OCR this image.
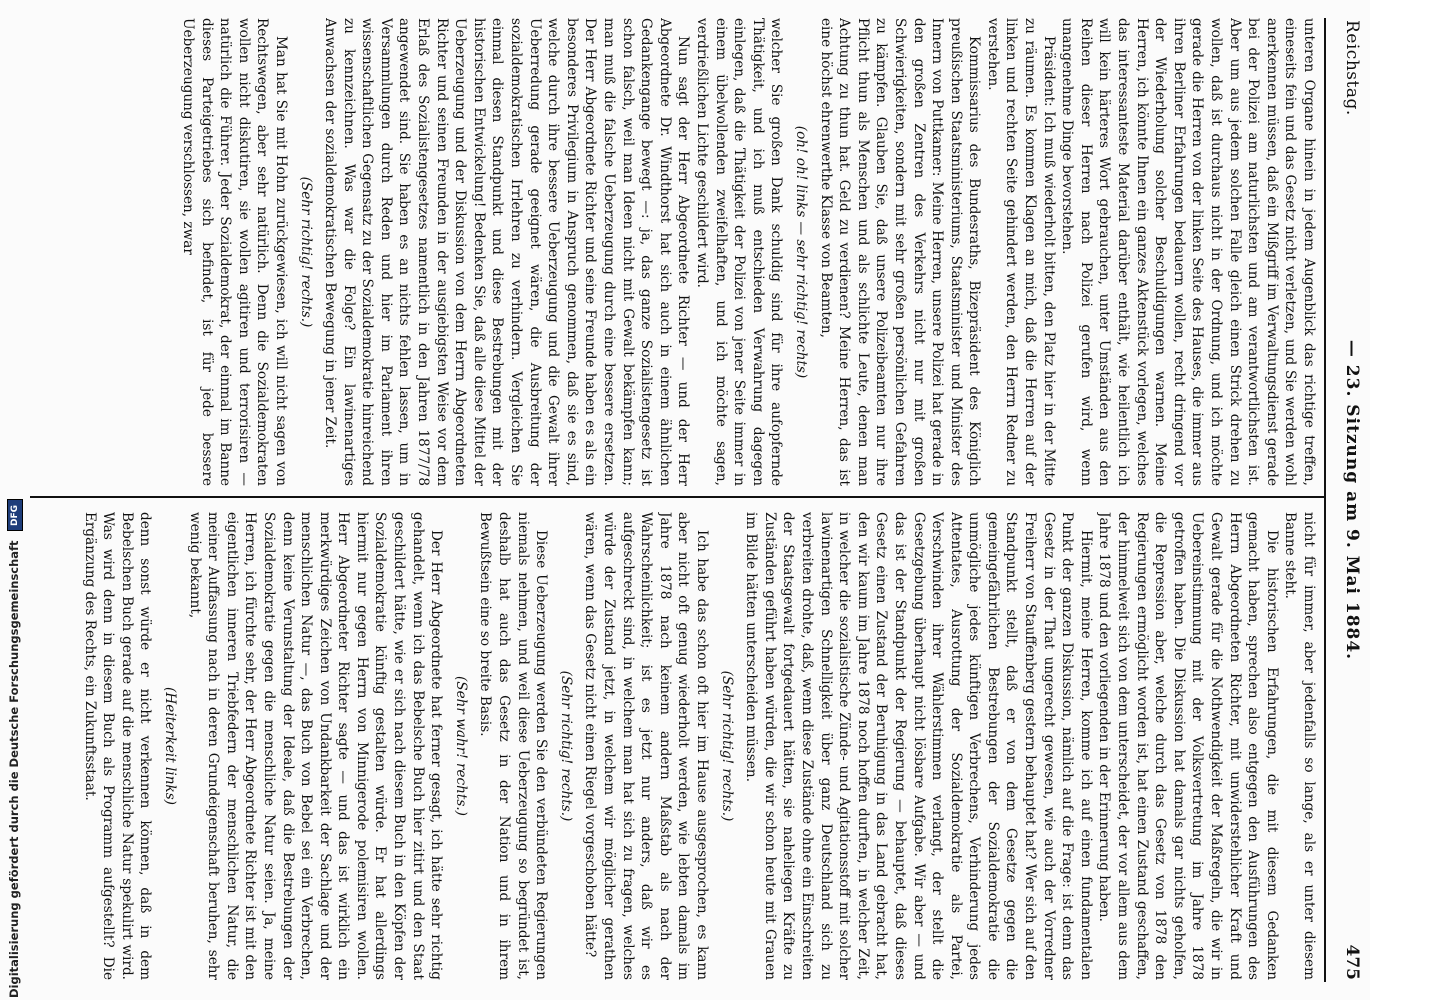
Reichstag.
— 23. Sitzung am 9. Mai 1884.
475

unteren Organe hinein in jedem Augenblick das richtige treffen, eineseits fein und das Gesetz nicht verletzen, und Sie werden wohl anerkennen müssen, daß ein Mißgriff im Verwaltungsdienst gerade bei der Polizei am naturlichsten und am verantwortlichsten ist. Aber um aus jedem solchen Falle gleich einen Strick drehen zu wollen, daß ist durchaus nicht in der Ordnung, und ich möchte gerade die Herren von der linken Seite des Hauses, die immer aus ihren Berliner Erfahrungen bedauern wollen, recht dringend vor der Wiederholung solcher Beschuldigungen warnen. Meine Herren, ich könnte Ihnen ein ganzes Aktenstück vorlegen, welches das interessanteste Material darüber enthält, wie heilentlich ich will kein härteres Wort gebrauchen, unter Umständen aus den Reihen dieser Herren nach Polizei gerufen wird, wenn unangenehme Dinge bevorstehen.

Präsident: Ich muß wiederholt bitten, den Platz hier in der Mitte zu räumen. Es kommen Klagen an mich, daß die Herren auf der linken und rechten Seite gehindert werden, den Herrn Redner zu verstehen.

Kommissarius des Bundesraths, Bizepräsident des Königlich preußischen Staatsministeriums, Staatsminister und Minister des Innern von Puttkamer: Meine Herren, unsere Polizei hat gerade in den großen Zentren des Verkehrs nicht nur mit großen Schwierigkeiten, sondern mit sehr großen persönlichen Gefahren zu kämpfen. Glauben Sie, daß unsere Polizeibeamten nur ihre Pflicht thun als Menschen und als schlichte Leute, denen man Achtung zu thun hat. Geld zu verdienen? Meine Herren, das ist eine höchst ehrenwerthe Klasse von Beamten,

(oh! oh! links — sehr richtig! rechts)

welcher Sie großen Dank schuldig sind für ihre aufopfernde Thätigkeit, und ich muß entschieden Verwahrung dagegen einlegen, daß die Thätigkeit der Polizei von jener Seite immer in einem übelwollenden zweifelhaften, und ich möchte sagen, verdrießlichen Lichte geschildert wird.

Nun sagt der Herr Abgeordnete Richter — und der Herr Abgeordnete Dr. Windthorst hat sich auch in einem ähnlichen Gedankengange bewegt —: ja, das ganze Sozialistengesetz ist schon falsch, weil man Ideen nicht mit Gewalt bekämpfen kann; man muß die falsche Ueberzeugung durch eine bessere ersetzen. Der Herr Abgeordnete Richter und seine Freunde haben es als ein besonderes Privilegium in Anspruch genommen, daß sie es sind, welche durch ihre bessere Ueberzeugung und die Gewalt ihrer Ueberredung gerade geeignet wären, die Ausbreitung der sozialdemokratischen Irrlehren zu verhindern. Vergleichen Sie einmal diesen Standpunkt und diese Bestrebungen mit der historischen Entwickelung! Bedenken Sie, daß alle diese Mittel der Ueberzeugung und der Diskussion von dem Herrn Abgeordneten Richter und seinen Freunden in der ausgiebigsten Weise vor dem Erlaß des Sozialistengesetzes namentlich in den Jahren 1877/78 angewendet sind. Sie haben es an nichts fehlen lassen, um in Versammlungen durch Reden und hier im Parlament ihren wissenschaftlichen Gegensatz zu der Sozialdemokratie hinreichend zu kennzeichnen. Was war die Folge? Ein lawinenartiges Anwachsen der sozialdemokratischen Bewegung in jener Zeit.

(Sehr richtig! rechts.)

Man hat Sie mit Hohn zurückgewiesen, ich will nicht sagen von Rechtswegen, aber sehr natürlich. Denn die Sozialdemokraten wollen nicht diskutiren, sie wollen agitiren und terrorisiren — natürlich die Führer. Jeder Sozialdemokrat, der einmal im Banne dieses Parteigetriebes sich befindet, ist für jede bessere Ueberzeugung verschlossen, zwar

nicht für immer, aber jedenfalls so lange, als er unter diesem Banne steht.

Die historischen Erfahrungen, die mit diesem Gedanken gemacht haben, sprechen also entgegen den Ausführungen des Herrn Abgeordneten Richter, mit unwiderstehlicher Kraft und Gewalt gerade für die Nothwendigkeit der Maßregeln, die wir in Uebereinstimmung mit der Volksvertretung im Jahre 1878 getroffen haben. Die Diskussion hat damals gar nichts geholfen, die Repression aber, welche durch das Gesetz von 1878 den Regierungen ermöglicht worden ist, hat einen Zustand geschaffen, der himmelweit sich von dem unterscheidet, der vor allem aus dem Jahre 1878 und den vorliegenden in der Erinnerung haben.

Hiermit, meine Herren, komme ich auf einen fundamentalen Punkt der ganzen Diskussion, nämlich auf die Frage: ist denn das Gesetz in der That ungerecht gewesen, wie auch der Vorredner Freiherr von Stauffenberg gestern behauptet hat? Wer sich auf den Standpunkt stellt, daß er von dem Gesetze gegen die gemeingefährlichen Bestrebungen der Sozialdemokratie die unmögliche jedes künftigen Verbrechens, Verhinderung jedes Attentates, Ausrottung der Sozialdemokratie als Partei, Verschwinden ihrer Wählerstimmen verlangt, der stellt die Gesetzgebung überhaupt nicht lösbare Aufgabe. Wir aber — und das ist der Standpunkt der Regierung — behauptet, daß dieses Gesetz einen Zustand der Beruhigung in das Land gebracht hat, den wir kaum im Jahre 1878 noch hoffen durften, in welcher Zeit, in welcher die sozialistische Zünde- und Agitationsstoff mit solcher lawinenartigen Schnelligkeit über ganz Deutschland sich zu verbreiten drohte, daß, wenn diese Zustände ohne ein Einschreiten der Staatsgewalt fortgedauert hätten, sie naheliegen Kräfte zu Zuständen geführt haben würden, die wir schon heute mit Grauen im Bilde hätten unterscheiden müssen.

(Sehr richtig! rechts.)

Ich habe das schon oft hier im Hause ausgesprochen, es kann aber nicht oft genug wiederholt werden, wie lebten damals im Jahre 1878 nach keinem andern Maßstab als nach der Wahrscheinlichkeit; ist es jetzt nur anders, daß wir es aufgeschreckt sind, in welchem man hat sich zu fragen, welches würde der Zustand jetzt, in welchem wir möglicher gerathen wären, wenn das Gesetz nicht einen Riegel vorgeschoben hätte?

(Sehr richtig! rechts.)

Diese Ueberzeugung werden Sie den verbündeten Regierungen niemals nehmen, und weil diese Ueberzeugung so begründet ist, deshalb hat auch das Gesetz in der Nation und in ihrem Bewußtsein eine so breite Basis.

(Sehr wahr! rechts.)

Der Herr Abgeordnete hat ferner gesagt, ich hätte sehr richtig gehandelt, wenn ich das Bebelsche Buch hier zitirt und den Staat geschildert hätte, wie er sich nach diesem Buch in den Köpfen der Sozialdemokratie künftig gestalten würde. Er hat allerdings hiermit nur gegen Herrn von Minnigerode polemisiren wollen. Herr Abgeordneter Richter sagte — und das ist wirklich ein merkwürdiges Zeichen von Undankbarkeit der Sachlage und der menschlichen Natur —, das Buch von Bebel sei ein Verbrechen, denn keine Verunstaltung der Ideale, daß die Bestrebungen der Sozialdemokratie gegen die menschliche Natur seien. Ja, meine Herren, ich fürchte sehr, der Herr Abgeordnete Richter ist mit den eigentlichen inneren Triebfedern der menschlichen Natur, die meiner Auffassung nach in deren Grundeigenschaft beruhen, sehr wenig bekannt,

(Heiterkeit links)

denn sonst würde er nicht verkennen können, daß in dem Bebelschen Buch gerade auf die menschliche Natur spekulirt wird. Was wird denn in diesem Buch als Programm aufgestellt? Die Ergänzung des Rechts, ein Zukunftsstaat.

Digitalisierung gefördert durch die Deutsche Forschungsgemeinschaft DFG
